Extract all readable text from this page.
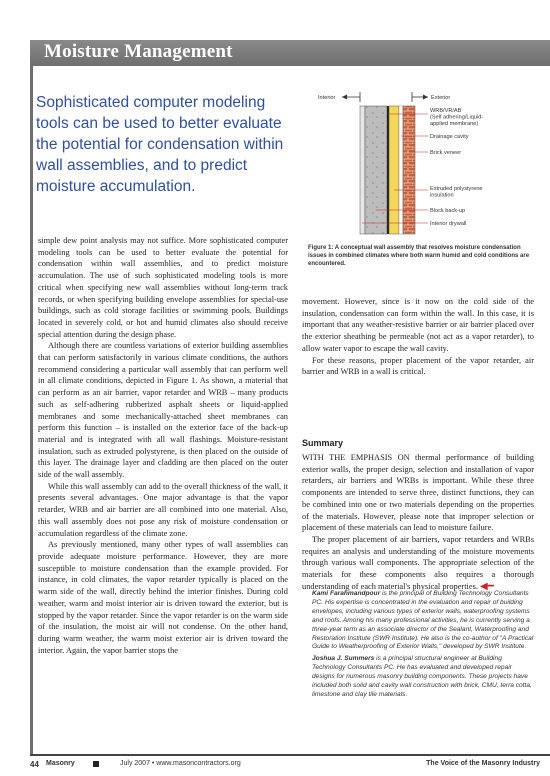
Moisture Management
Sophisticated computer modeling tools can be used to better evaluate the potential for condensation within wall assemblies, and to predict moisture accumulation.
Interior	Exterior
WRB/VR/AB (Self adhering/Liquid- applied membrane)
Drainage cavity
Brick veneer
Extruded polystyrene insulation
Block back-up
Interior drywall
Figure 1: A conceptual wall assembly that resolves moisture condensation issues in combined climates where both warm humid and cold conditions are encountered.

simple dew point analysis may not suffice. More sophisticated computer modeling tools can be used to better evaluate the potential for condensation within wall assemblies, and to predict moisture accumulation. The use of such sophisticated modeling tools is more critical when specifying new wall assemblies without long-term track records, or when specifying building envelope assemblies for special-use buildings, such as cold storage facilities or swimming pools. Buildings located in severely cold, or hot and humid climates also should receive special attention during the design phase.

Although there are countless variations of exterior building assemblies that can perform satisfactorily in various climate conditions, the authors recommend considering a particular wall assembly that can perform well in all climate conditions, depicted in Figure 1. As shown, a material that can perform as an air barrier, vapor retarder and WRB – many products such as self-adhering rubberized asphalt sheets or liquid-applied membranes and some mechanically-attached sheet membranes can perform this function – is installed on the exterior face of the back-up material and is integrated with all wall flashings. Moisture-resistant insulation, such as extruded polystyrene, is then placed on the outside of this layer. The drainage layer and cladding are then placed on the outer side of the wall assembly.

While this wall assembly can add to the overall thickness of the wall, it presents several advantages. One major advantage is that the vapor retarder, WRB and air barrier are all combined into one material. Also, this wall assembly does not pose any risk of moisture condensation or accumulation regardless of the climate zone.

As previously mentioned, many other types of wall assemblies can provide adequate moisture performance. However, they are more susceptible to moisture condensation than the example provided. For instance, in cold climates, the vapor retarder typically is placed on the warm side of the wall, directly behind the interior finishes. During cold weather, warm and moist interior air is driven toward the exterior, but is stopped by the vapor retarder. Since the vapor retarder is on the warm side of the insulation, the moist air will not condense. On the other hand, during warm weather, the warm moist exterior air is driven toward the interior. Again, the vapor barrier stops the

movement. However, since is it now on the cold side of the insulation, condensation can form within the wall. In this case, it is important that any weather-resistive barrier or air barrier placed over the exterior sheathing be permeable (not act as a vapor retarder), to allow water vapor to escape the wall cavity.

For these reasons, proper placement of the vapor retarder, air barrier and WRB in a wall is critical.

Summary

WITH THE EMPHASIS ON thermal performance of building exterior walls, the proper design, selection and installation of vapor retarders, air barriers and WRBs is important. While these three components are intended to serve three, distinct functions, they can be combined into one or two materials depending on the properties of the materials. However, please note that improper selection or placement of these materials can lead to moisture failure.

The proper placement of air barriers, vapor retarders and WRBs requires an analysis and understanding of the moisture movements through various wall components. The appropriate selection of the materials for these components also requires a thorough understanding of each material's physical properties. ◀━

Kami Farahmandpour is the principal of Building Technology Consultants PC. His expertise is concentrated in the evaluation and repair of building envelopes, including various types of exterior walls, waterproofing systems and roofs. Among his many professional activities, he is currently serving a three-year term as an associate director of the Sealant, Waterproofing and Restoration Institute (SWR Institute). He also is the co-author of "A Practical Guide to Weatherproofing of Exterior Walls," developed by SWR Institute.

Joshua J. Summers is a principal structural engineer at Building Technology Consultants PC. He has evaluated and developed repair designs for numerous masonry building components. These projects have included both solid and cavity wall construction with brick, CMU, terra cotta, limestone and clay tile materials.

44 Masonry	July 2007 • www.masoncontractors.org	The Voice of the Masonry Industry
